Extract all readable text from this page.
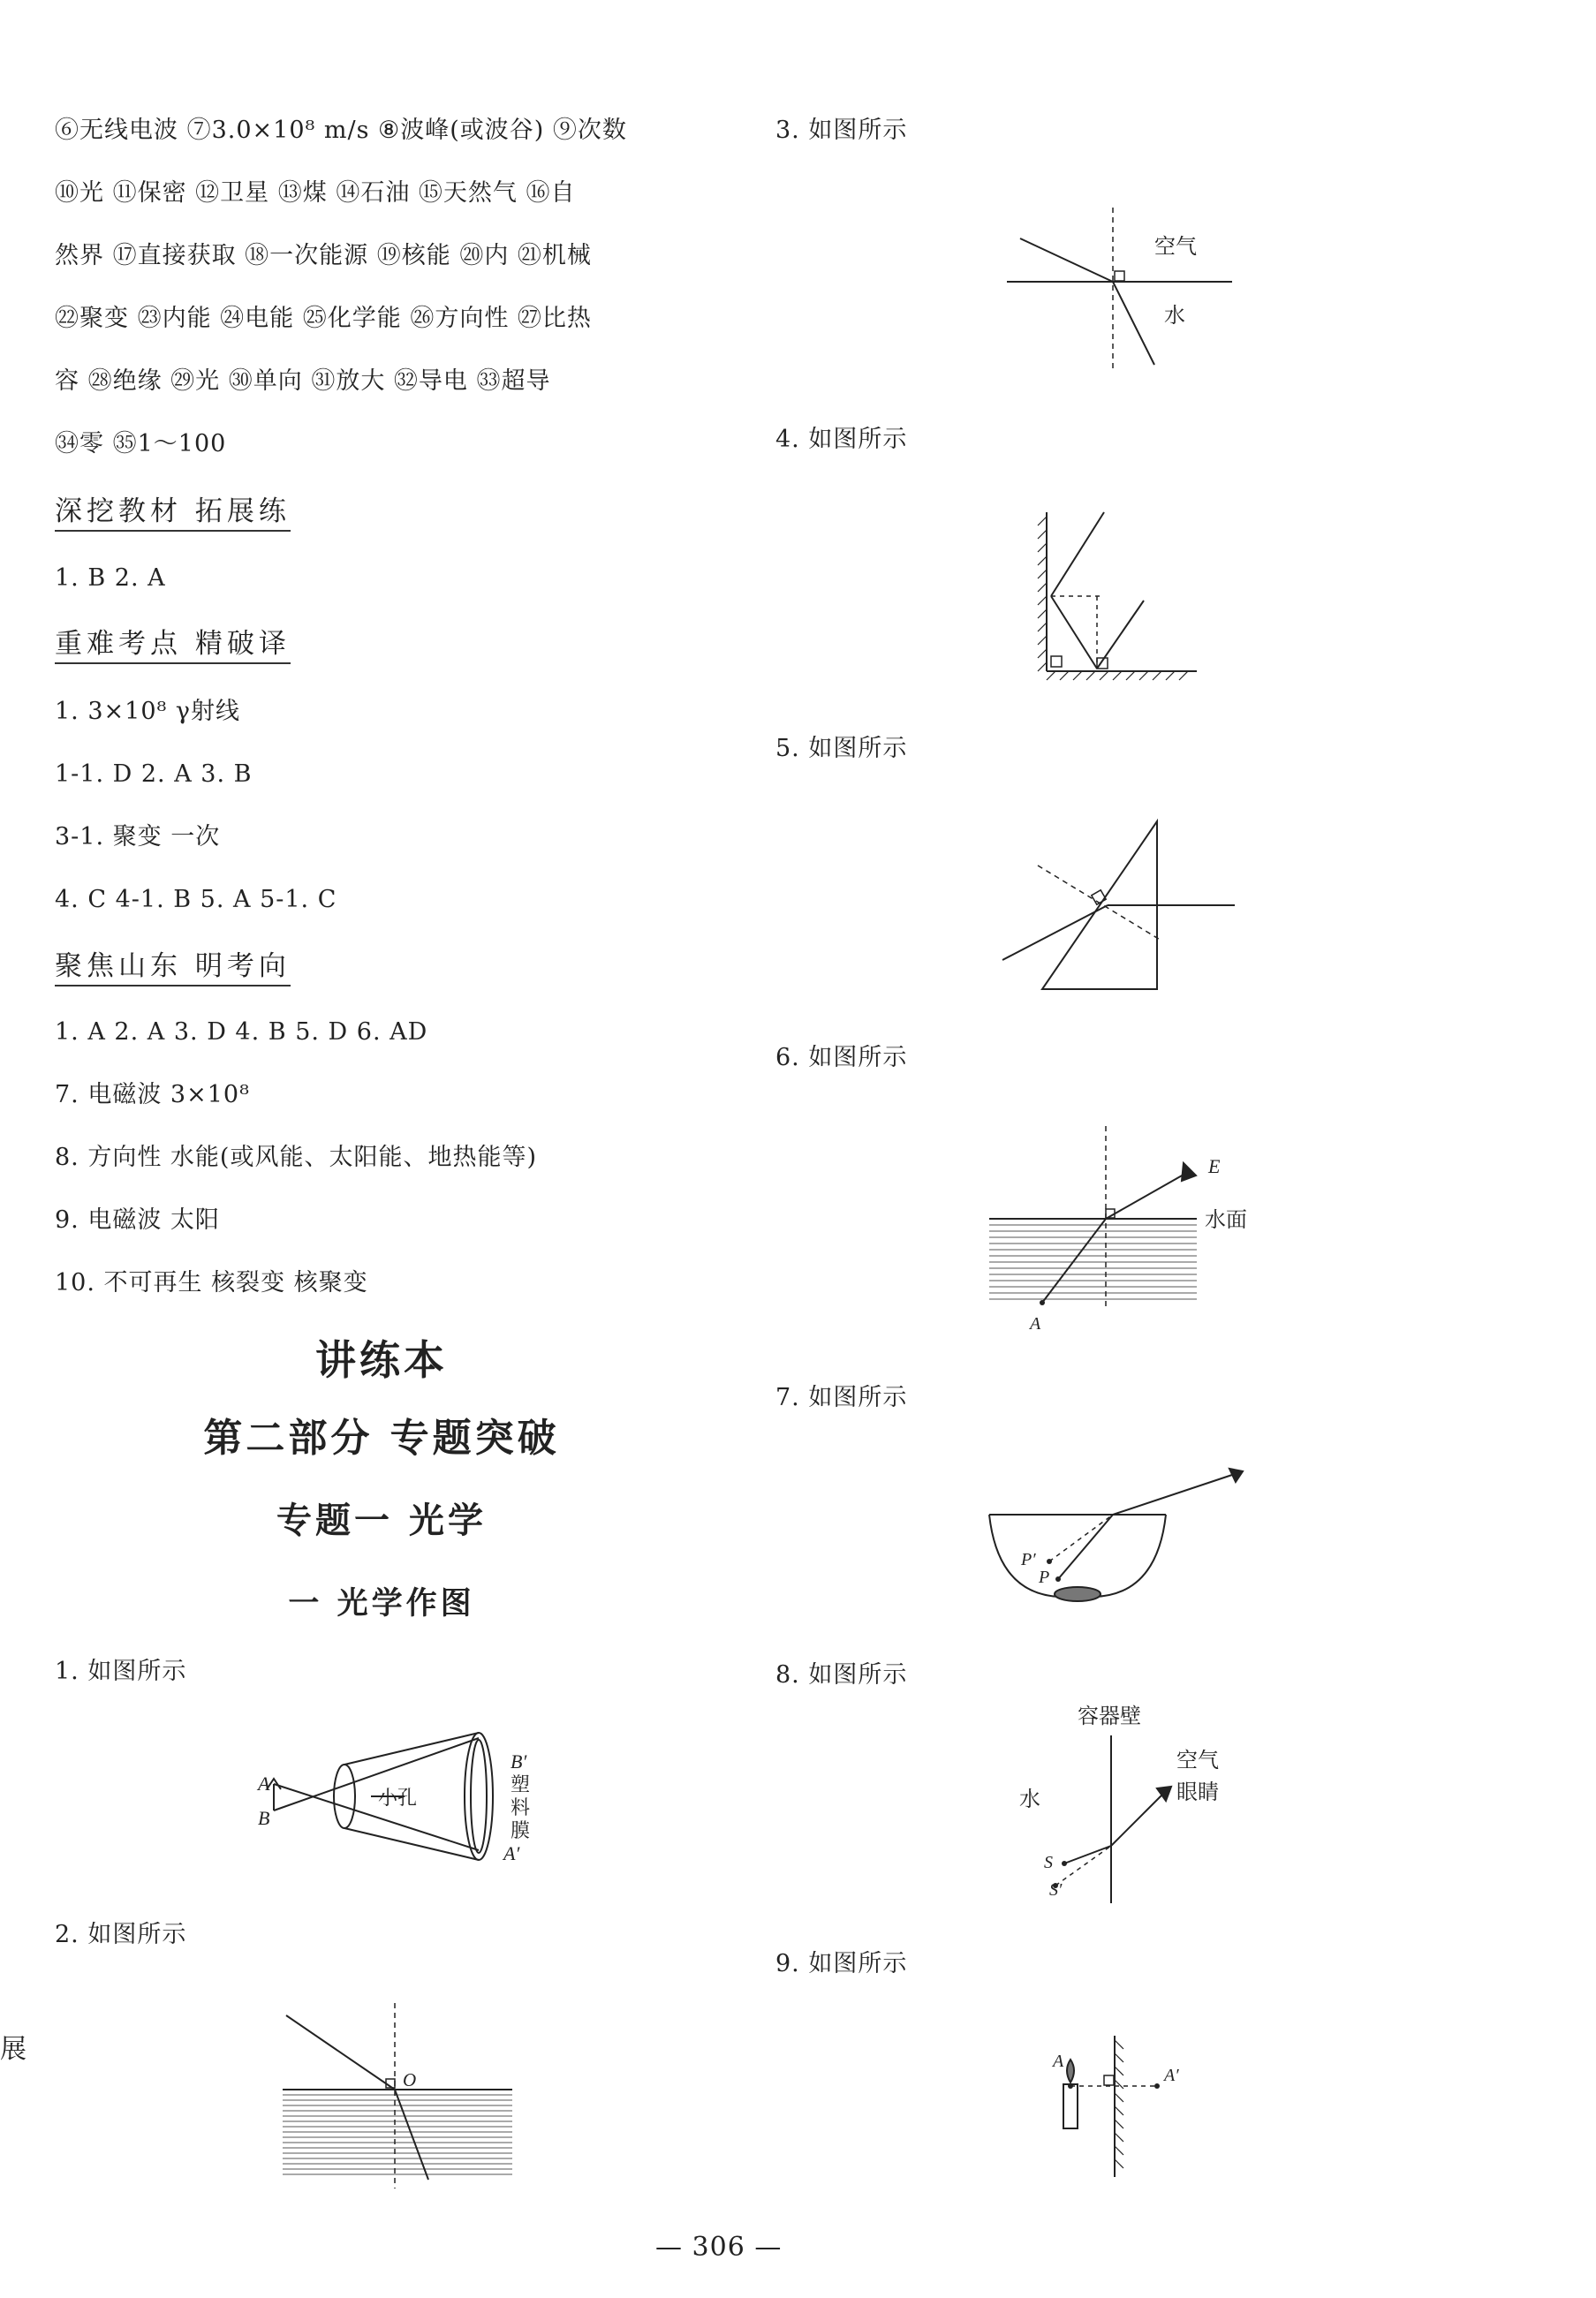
⑥无线电波 ⑦3.0×10⁸ m/s ⑧波峰(或波谷) ⑨次数
⑩光 ⑪保密 ⑫卫星 ⑬煤 ⑭石油 ⑮天然气 ⑯自
然界 ⑰直接获取 ⑱一次能源 ⑲核能 ⑳内 ㉑机械
㉒聚变 ㉓内能 ㉔电能 ㉕化学能 ㉖方向性 ㉗比热
容 ㉘绝缘 ㉙光 ㉚单向 ㉛放大 ㉜导电 ㉝超导
㉞零 ㉟1～100
深挖教材 拓展练
1. B 2. A
重难考点 精破译
1. 3×10⁸ γ射线
1-1. D 2. A 3. B
3-1. 聚变 一次
4. C 4-1. B 5. A 5-1. C
聚焦山东 明考向
1. A 2. A 3. D 4. B 5. D 6. AD
7. 电磁波 3×10⁸
8. 方向性 水能(或风能、太阳能、地热能等)
9. 电磁波 太阳
10. 不可再生 核裂变 核聚变
讲练本
第二部分 专题突破
专题一 光学
一 光学作图
1. 如图所示
A
B
小孔
B′
塑
料
膜
A′
2. 如图所示
O
展
3. 如图所示
空气
水
4. 如图所示
5. 如图所示
6. 如图所示
E
水面
A
7. 如图所示
P′
P
8. 如图所示
容器壁
空气
眼睛
水
S
S′
9. 如图所示
A
A′
— 306 —
